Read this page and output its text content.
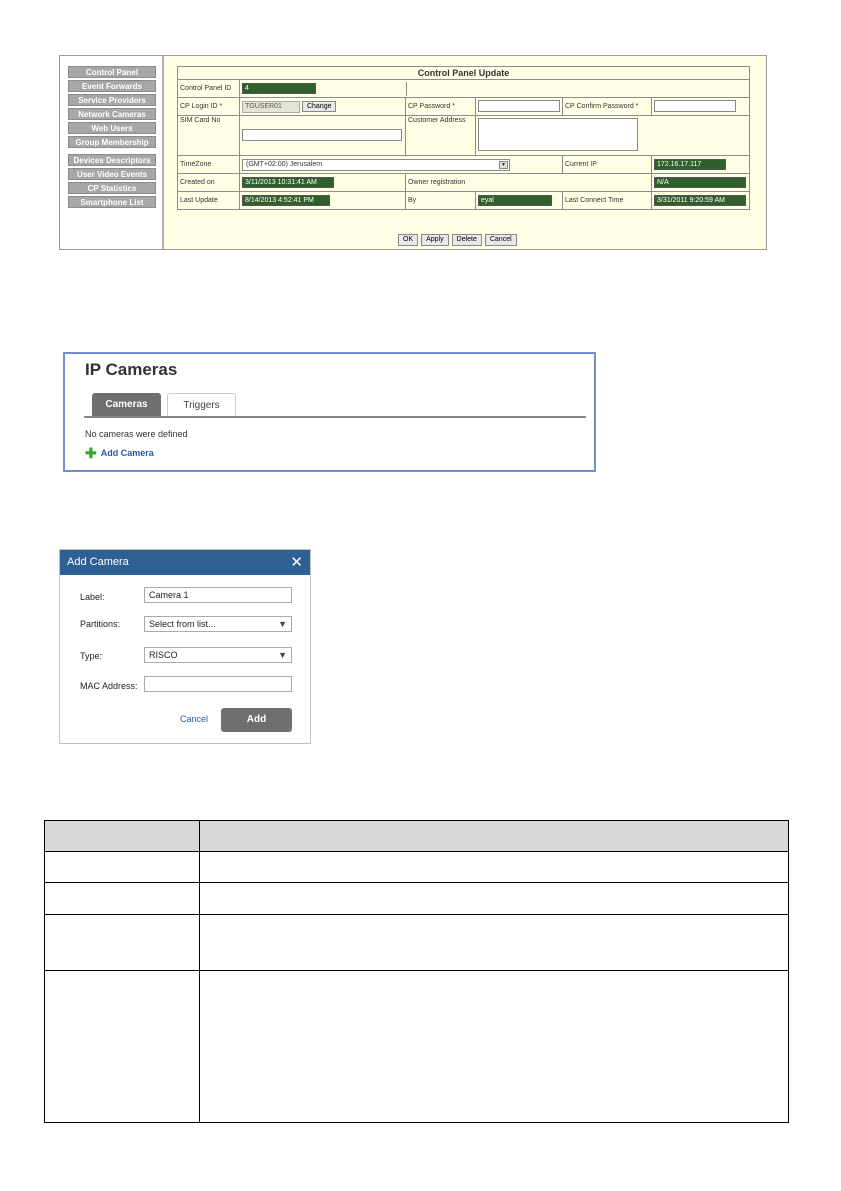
Control Panel
Event Forwards
Service Providers
Network Cameras
Web Users
Group Membership
Devices Descriptors
User Video Events
CP Statistics
Smartphone List
Control Panel Update					
Control Panel ID	4				
CP Login ID *	TGUSER01 Change	CP Password *		CP Confirm Password *	
SIM Card No		Customer Address			
TimeZone	(GMT+02:00) Jerusalem ▼			Current IP	172.16.17.117
Created on	3/11/2013 10:31:41 AM	Owner registration			N/A
Last Update	8/14/2013 4:52:41 PM	By	eyal	Last Connect Time	3/31/2011 9:20:59 AM
OK Apply Delete Cancel
IP Cameras
Cameras	Triggers
No cameras were defined
✚ Add Camera
Add Camera	✕
Label:	Camera 1
Partitions:	Select from list...	▼
Type:	RISCO	▼
MAC Address:
Cancel	Add
